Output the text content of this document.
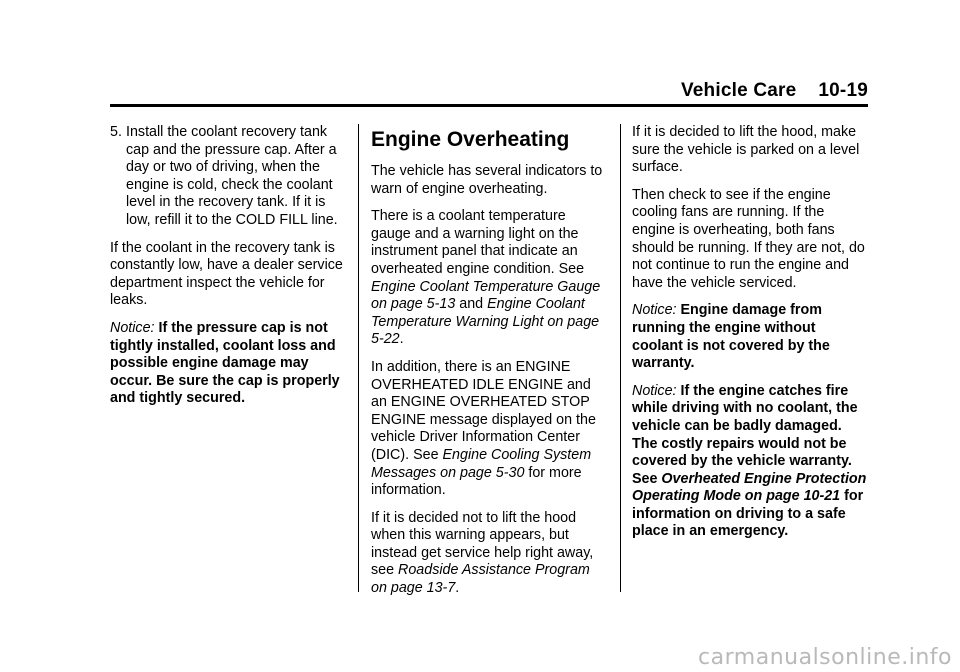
Vehicle Care 10-19

5. Install the coolant recovery tank cap and the pressure cap. After a day or two of driving, when the engine is cold, check the coolant level in the recovery tank. If it is low, refill it to the COLD FILL line.

If the coolant in the recovery tank is constantly low, have a dealer service department inspect the vehicle for leaks.

Notice: If the pressure cap is not tightly installed, coolant loss and possible engine damage may occur. Be sure the cap is properly and tightly secured.

Engine Overheating

The vehicle has several indicators to warn of engine overheating.

There is a coolant temperature gauge and a warning light on the instrument panel that indicate an overheated engine condition. See Engine Coolant Temperature Gauge on page 5-13 and Engine Coolant Temperature Warning Light on page 5-22.

In addition, there is an ENGINE OVERHEATED IDLE ENGINE and an ENGINE OVERHEATED STOP ENGINE message displayed on the vehicle Driver Information Center (DIC). See Engine Cooling System Messages on page 5-30 for more information.

If it is decided not to lift the hood when this warning appears, but instead get service help right away, see Roadside Assistance Program on page 13-7.

If it is decided to lift the hood, make sure the vehicle is parked on a level surface.

Then check to see if the engine cooling fans are running. If the engine is overheating, both fans should be running. If they are not, do not continue to run the engine and have the vehicle serviced.

Notice: Engine damage from running the engine without coolant is not covered by the warranty.

Notice: If the engine catches fire while driving with no coolant, the vehicle can be badly damaged. The costly repairs would not be covered by the vehicle warranty. See Overheated Engine Protection Operating Mode on page 10-21 for information on driving to a safe place in an emergency.

carmanualsonline.info
